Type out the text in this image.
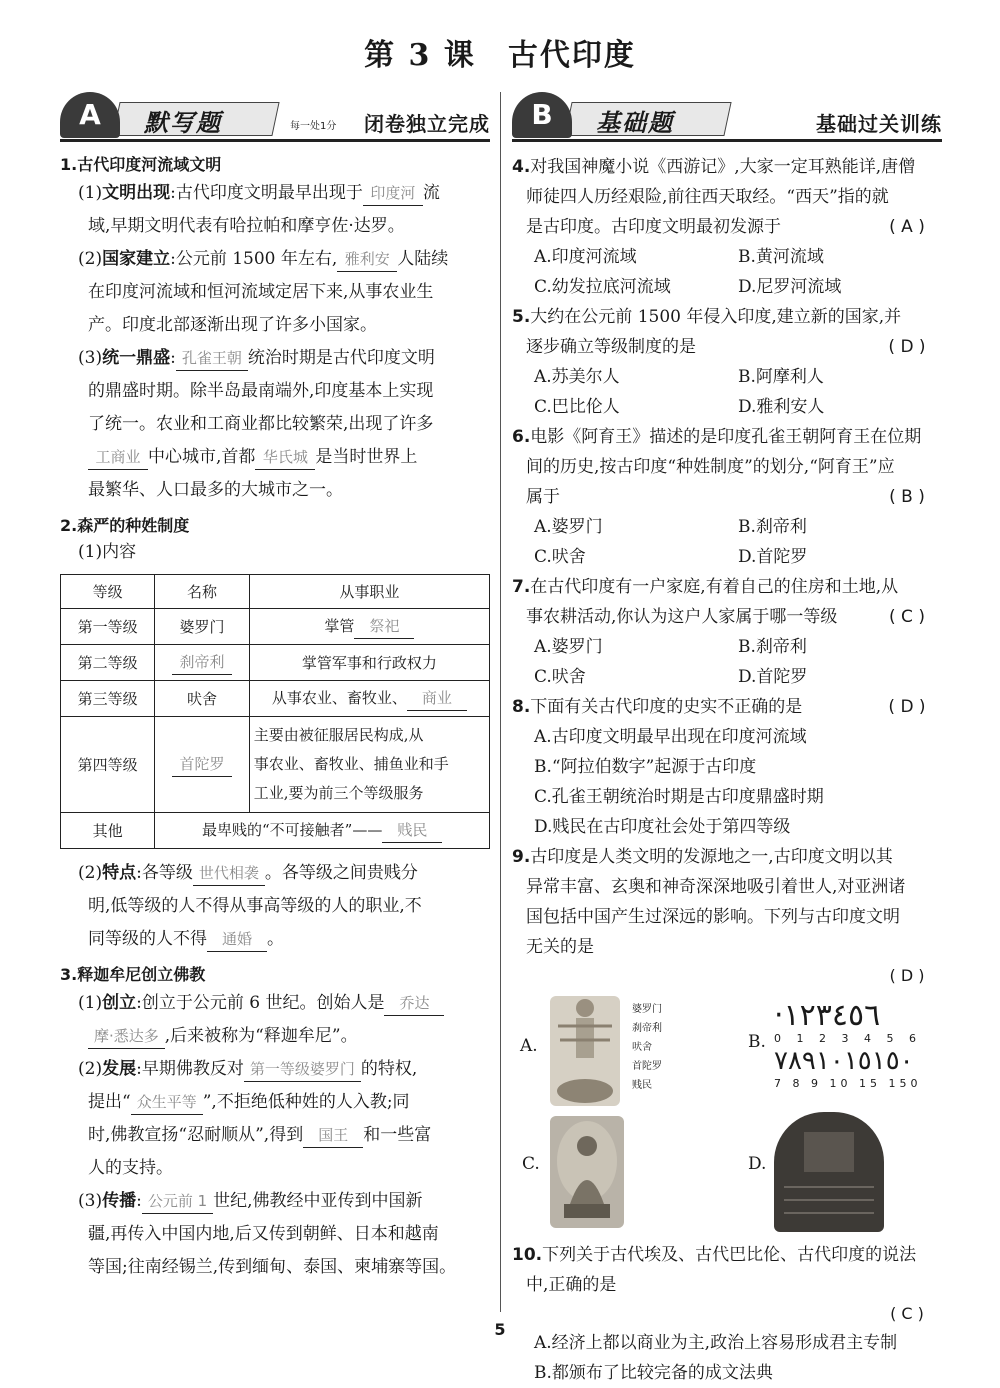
第 3 课　古代印度
A	默写题	每一处1分 闭卷独立完成
1.古代印度河流域文明

(1)文明出现:古代印度文明最早出现于 印度河 流

域,早期文明代表有哈拉帕和摩亨佐·达罗。

(2)国家建立:公元前 1500 年左右, 雅利安 人陆续

在印度河流域和恒河流域定居下来,从事农业生

产。印度北部逐渐出现了许多小国家。

(3)统一鼎盛: 孔雀王朝 统治时期是古代印度文明

的鼎盛时期。除半岛最南端外,印度基本上实现

了统一。农业和工商业都比较繁荣,出现了许多

工商业 中心城市,首都 华氏城 是当时世界上

最繁华、人口最多的大城市之一。

2.森严的种姓制度

(1)内容

等级	名称	从事职业
第一等级	婆罗门	掌管 祭祀
第二等级	刹帝利	掌管军事和行政权力
第三等级	吠舍	从事农业、畜牧业、 商业
第四等级	首陀罗	主要由被征服居民构成,从
事农业、畜牧业、捕鱼业和手
工业,要为前三个等级服务

其他	最卑贱的“不可接触者”—— 贱民	

(2)特点:各等级 世代相袭 。各等级之间贵贱分

明,低等级的人不得从事高等级的人的职业,不

同等级的人不得 通婚 。

3.释迦牟尼创立佛教

(1)创立:创立于公元前 6 世纪。创始人是 乔达

摩·悉达多 ,后来被称为“释迦牟尼”。

(2)发展:早期佛教反对 第一等级婆罗门 的特权,

提出“ 众生平等 ”,不拒绝低种姓的人入教;同

时,佛教宣扬“忍耐顺从”,得到 国王 和一些富

人的支持。

(3)传播: 公元前 1 世纪,佛教经中亚传到中国新

疆,再传入中国内地,后又传到朝鲜、日本和越南

等国;往南经锡兰,传到缅甸、泰国、柬埔寨等国。

B	基础题	基础过关训练
4.对我国神魔小说《西游记》,大家一定耳熟能详,唐僧
师徒四人历经艰险,前往西天取经。“西天”指的就
是古印度。古印度文明最初发源于	( A )
A.印度河流域	B.黄河流域
C.幼发拉底河流域	D.尼罗河流域
5.大约在公元前 1500 年侵入印度,建立新的国家,并
逐步确立等级制度的是	( D )
A.苏美尔人	B.阿摩利人
C.巴比伦人	D.雅利安人
6.电影《阿育王》描述的是印度孔雀王朝阿育王在位期
间的历史,按古印度“种姓制度”的划分,“阿育王”应
属于	( B )
A.婆罗门	B.刹帝利
C.吠舍	D.首陀罗
7.在古代印度有一户家庭,有着自己的住房和土地,从
事农耕活动,你认为这户人家属于哪一等级	( C )
A.婆罗门	B.刹帝利
C.吠舍	D.首陀罗
8.下面有关古代印度的史实不正确的是	( D )
A.古印度文明最早出现在印度河流域
B.“阿拉伯数字”起源于古印度
C.孔雀王朝统治时期是古印度鼎盛时期
D.贱民在古印度社会处于第四等级
9.古印度是人类文明的发源地之一,古印度文明以其
异常丰富、玄奥和神奇深深地吸引着世人,对亚洲诸
国包括中国产生过深远的影响。下列与古印度文明
无关的是
( D )
A.
婆罗门
刹帝利
吠舍
首陀罗
贱民
B.
·١٢٣٤٥٦
0 1 2 3 4 5 6
٧٨٩١٠١٥١٥٠
7 8 9 10 15 150
C.	D.
10.下列关于古代埃及、古代巴比伦、古代印度的说法
中,正确的是
( C )
A.经济上都以商业为主,政治上容易形成君主专制
B.都颁布了比较完备的成文法典
5
